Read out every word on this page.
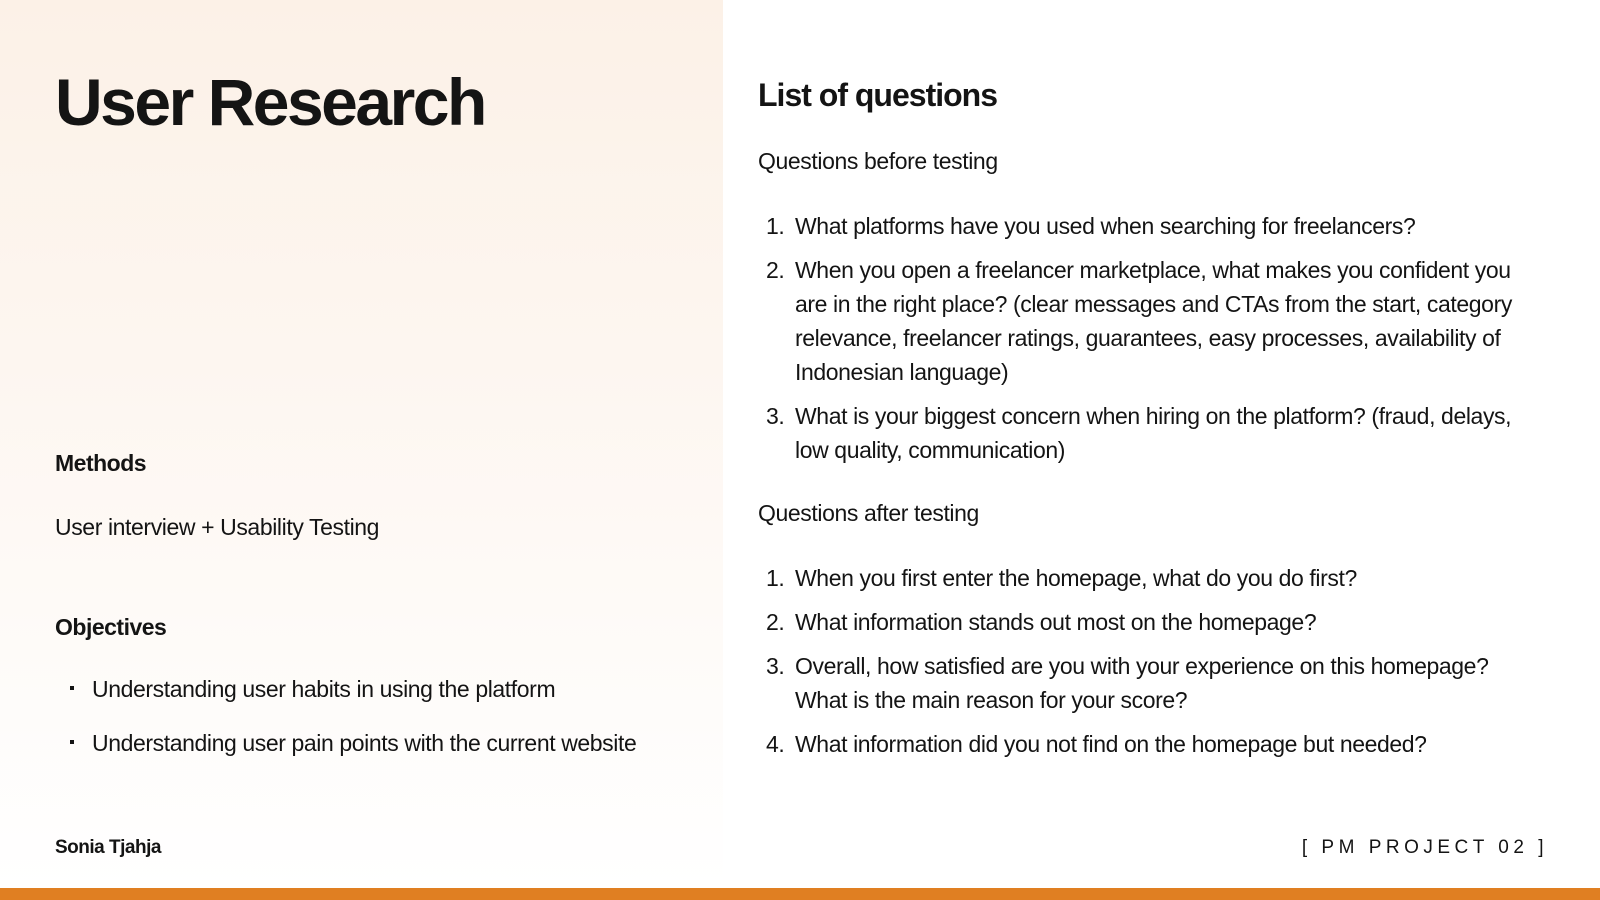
User Research
Methods

User interview + Usability Testing

Objectives
Understanding user habits in using the platform
Understanding user pain points with the current website
List of questions

Questions before testing

1. What platforms have you used when searching for freelancers?
2. When you open a freelancer marketplace, what makes you confident you are in the right place? (clear messages and CTAs from the start, category relevance, freelancer ratings, guarantees, easy processes, availability of Indonesian language)
3. What is your biggest concern when hiring on the platform? (fraud, delays, low quality, communication)

Questions after testing

1. When you first enter the homepage, what do you do first?
2. What information stands out most on the homepage?
3. Overall, how satisfied are you with your experience on this homepage? What is the main reason for your score?
4. What information did you not find on the homepage but needed?

Sonia Tjahja	[ PM PROJECT 02 ]
